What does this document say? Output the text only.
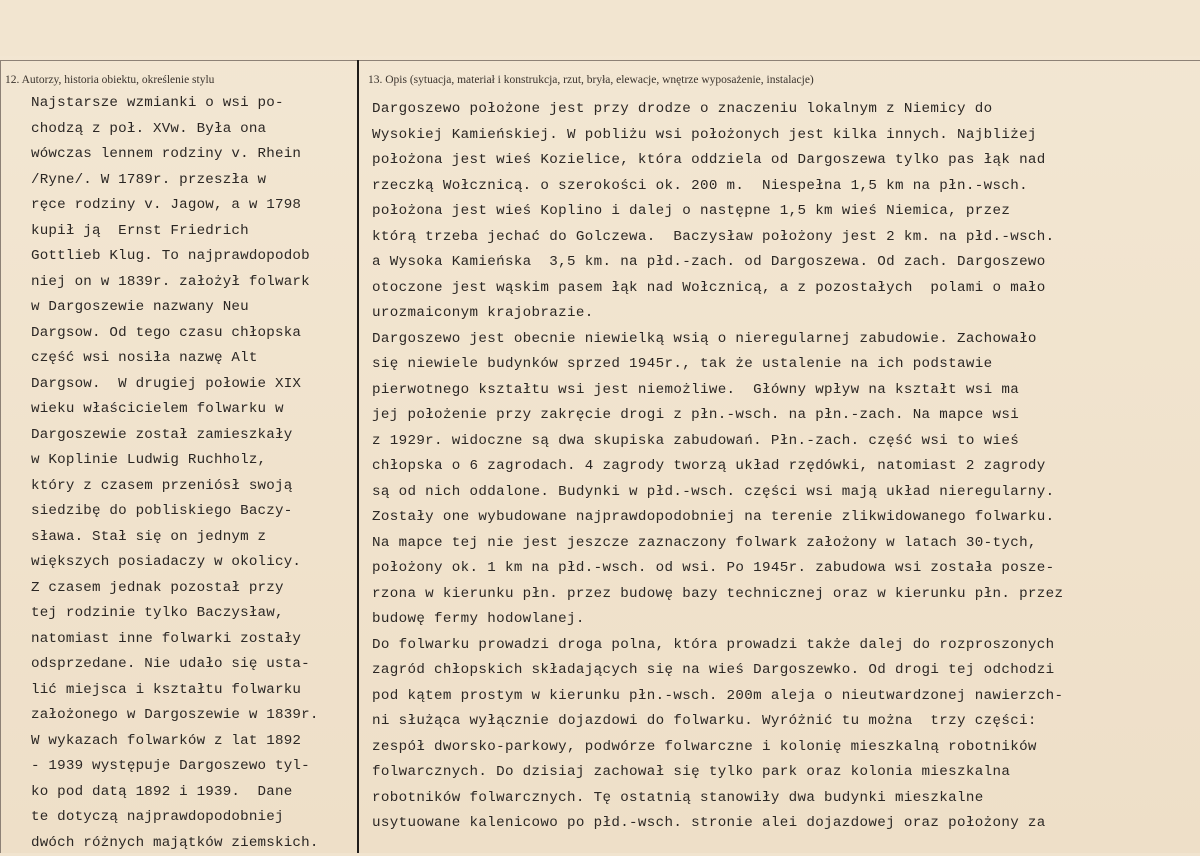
12. Autorzy, historia obiektu, określenie stylu	13. Opis (sytuacja, materiał i konstrukcja, rzut, bryła, elewacje, wnętrze wyposażenie, instalacje)

Najstarsze wzmianki o wsi po-
chodzą z poł. XVw. Była ona
wówczas lennem rodziny v. Rhein
/Ryne/. W 1789r. przeszła w
ręce rodziny v. Jagow, a w 1798
kupił ją  Ernst Friedrich
Gottlieb Klug. To najprawdopodob
niej on w 1839r. założył folwark
w Dargoszewie nazwany Neu
Dargsow. Od tego czasu chłopska
część wsi nosiła nazwę Alt
Dargsow.  W drugiej połowie XIX
wieku właścicielem folwarku w
Dargoszewie został zamieszkały
w Koplinie Ludwig Ruchholz,
który z czasem przeniósł swoją
siedzibę do pobliskiego Baczy-
sława. Stał się on jednym z
większych posiadaczy w okolicy.
Z czasem jednak pozostał przy
tej rodzinie tylko Baczysław,
natomiast inne folwarki zostały
odsprzedane. Nie udało się usta-
lić miejsca i kształtu folwarku
założonego w Dargoszewie w 1839r.
W wykazach folwarków z lat 1892
- 1939 występuje Dargoszewo tyl-
ko pod datą 1892 i 1939.  Dane
te dotyczą najprawdopodobniej
dwóch różnych majątków ziemskich.
Dargoszewo położone jest przy drodze o znaczeniu lokalnym z Niemicy do
Wysokiej Kamieńskiej. W pobliżu wsi położonych jest kilka innych. Najbliżej
położona jest wieś Kozielice, która oddziela od Dargoszewa tylko pas łąk nad
rzeczką Wołcznicą. o szerokości ok. 200 m.  Niespełna 1,5 km na płn.-wsch.
położona jest wieś Koplino i dalej o następne 1,5 km wieś Niemica, przez
którą trzeba jechać do Golczewa.  Baczysław położony jest 2 km. na płd.-wsch.
a Wysoka Kamieńska  3,5 km. na płd.-zach. od Dargoszewa. Od zach. Dargoszewo
otoczone jest wąskim pasem łąk nad Wołcznicą, a z pozostałych  polami o mało
urozmaiconym krajobrazie.
Dargoszewo jest obecnie niewielką wsią o nieregularnej zabudowie. Zachowało
się niewiele budynków sprzed 1945r., tak że ustalenie na ich podstawie
pierwotnego kształtu wsi jest niemożliwe.  Główny wpływ na kształt wsi ma
jej położenie przy zakręcie drogi z płn.-wsch. na płn.-zach. Na mapce wsi
z 1929r. widoczne są dwa skupiska zabudowań. Płn.-zach. część wsi to wieś
chłopska o 6 zagrodach. 4 zagrody tworzą układ rzędówki, natomiast 2 zagrody
są od nich oddalone. Budynki w płd.-wsch. części wsi mają układ nieregularny.
Zostały one wybudowane najprawdopodobniej na terenie zlikwidowanego folwarku.
Na mapce tej nie jest jeszcze zaznaczony folwark założony w latach 30-tych,
położony ok. 1 km na płd.-wsch. od wsi. Po 1945r. zabudowa wsi została posze-
rzona w kierunku płn. przez budowę bazy technicznej oraz w kierunku płn. przez
budowę fermy hodowlanej.
Do folwarku prowadzi droga polna, która prowadzi także dalej do rozproszonych
zagród chłopskich składających się na wieś Dargoszewko. Od drogi tej odchodzi
pod kątem prostym w kierunku płn.-wsch. 200m aleja o nieutwardzonej nawierzch-
ni służąca wyłącznie dojazdowi do folwarku. Wyróżnić tu można  trzy części:
zespół dworsko-parkowy, podwórze folwarczne i kolonię mieszkalną robotników
folwarcznych. Do dzisiaj zachował się tylko park oraz kolonia mieszkalna
robotników folwarcznych. Tę ostatnią stanowiły dwa budynki mieszkalne
usytuowane kalenicowo po płd.-wsch. stronie alei dojazdowej oraz położony za
